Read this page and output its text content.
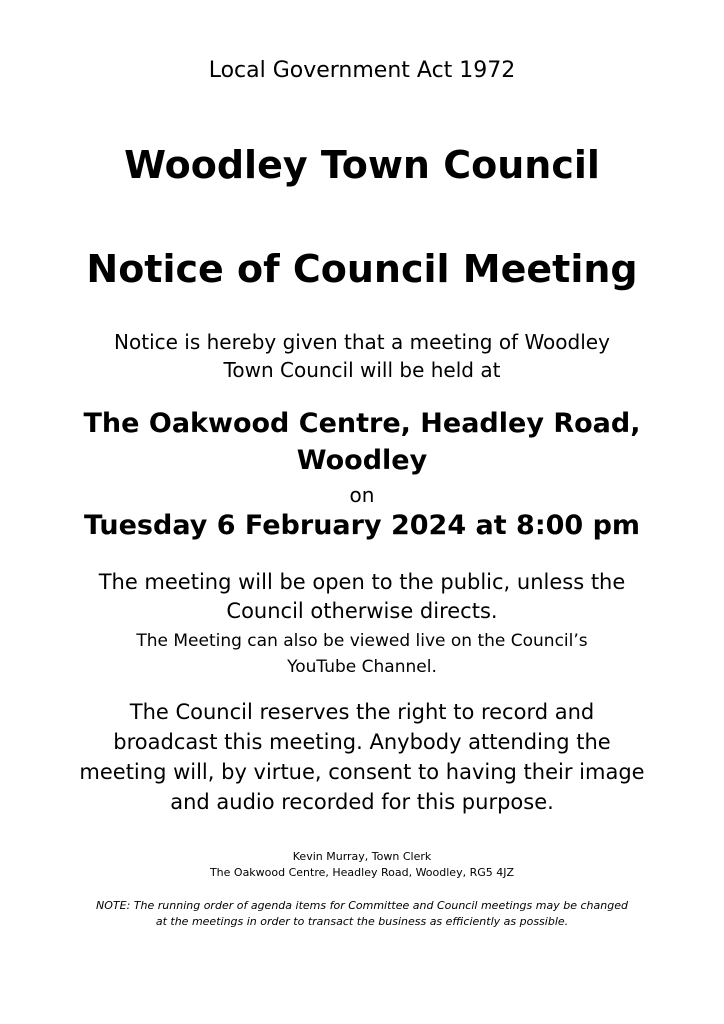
Local Government Act 1972
Woodley Town Council
Notice of Council Meeting
Notice is hereby given that a meeting of Woodley
Town Council will be held at
The Oakwood Centre, Headley Road,
Woodley
on
Tuesday 6 February 2024 at 8:00 pm
The meeting will be open to the public, unless the
Council otherwise directs.
The Meeting can also be viewed live on the Council’s
YouTube Channel.
The Council reserves the right to record and
broadcast this meeting. Anybody attending the
meeting will, by virtue, consent to having their image
and audio recorded for this purpose.
Kevin Murray, Town Clerk
The Oakwood Centre, Headley Road, Woodley, RG5 4JZ
NOTE: The running order of agenda items for Committee and Council meetings may be changed
at the meetings in order to transact the business as efficiently as possible.
